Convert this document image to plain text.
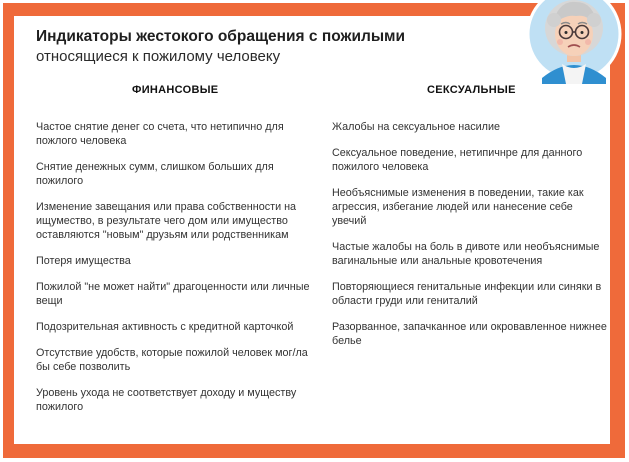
Индикаторы жестокого обращения с пожилыми
относящиеся к пожилому человеку
ФИНАНСОВЫЕ
Частое снятие денег со счета, что нетипично для пожлого человека
Снятие денежных сумм, слишком больших для пожилого
Изменение завещания или права собственности на ищумество, в результате чего дом или имущество оставляются "новым" друзьям или родственникам
Потеря имущества
Пожилой "не может найти" драгоценности или личные вещи
Подозрительная активность с кредитной карточкой
Отсутствие удобств, которые пожилой человек мог/ла бы себе позволить
Уровень ухода не соответствует доходу и муществу пожилого
СЕКСУАЛЬНЫЕ
Жалобы на сексуальное насилие
Сексуальное поведение, нетипичнре для данного пожилого человека
Необъяснимые изменения в поведении, такие как агрессия, избегание людей или нанесение себе увечий
Частые жалобы на боль в дивоте или необъяснимые вагинальные или анальные кровотечения
Повторяющиеся генитальные инфекции или синяки в области груди или гениталий
Разорванное, запачканное или окровавленное нижнее белье
